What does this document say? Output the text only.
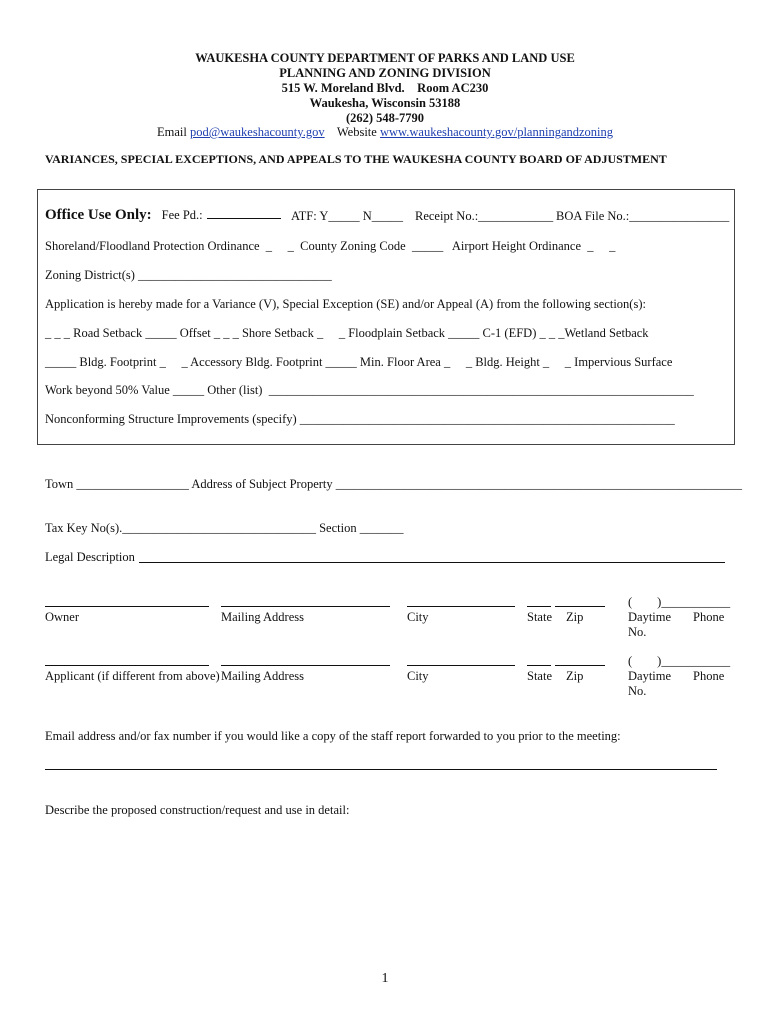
WAUKESHA COUNTY DEPARTMENT OF PARKS AND LAND USE
PLANNING AND ZONING DIVISION
515 W. Moreland Blvd.    Room AC230
Waukesha, Wisconsin 53188
(262) 548-7790
Email pod@waukeshacounty.gov Website www.waukeshacounty.gov/planningandzoning
VARIANCES, SPECIAL EXCEPTIONS, AND APPEALS TO THE WAUKESHA COUNTY BOARD OF ADJUSTMENT
Office Use Only: Fee Pd.:	ATF: Y_____ N_____ Receipt No.:____________ BOA File No.:________________
Shoreland/Floodland Protection Ordinance  _     _  County Zoning Code  _____   Airport Height Ordinance  _     _
Zoning District(s) _______________________________
Application is hereby made for a Variance (V), Special Exception (SE) and/or Appeal (A) from the following section(s):
_ _ _ Road Setback _____ Offset _ _ _ Shore Setback _     _ Floodplain Setback _____ C-1 (EFD) _ _ _Wetland Setback
_____ Bldg. Footprint _     _ Accessory Bldg. Footprint _____ Min. Floor Area _     _ Bldg. Height _     _ Impervious Surface
Work beyond 50% Value _____ Other (list)  ____________________________________________________________________
Nonconforming Structure Improvements (specify) ____________________________________________________________
Town __________________ Address of Subject Property _________________________________________________________________
Tax Key No(s)._______________________________ Section _______
Legal Description
(        )___________
Owner	Mailing Address	City	State Zip	Daytime Phone
No.
(        )___________
Applicant (if different from above) Mailing Address	City	State Zip	Daytime Phone
No.
Email address and/or fax number if you would like a copy of the staff report forwarded to you prior to the meeting:
Describe the proposed construction/request and use in detail:
1
